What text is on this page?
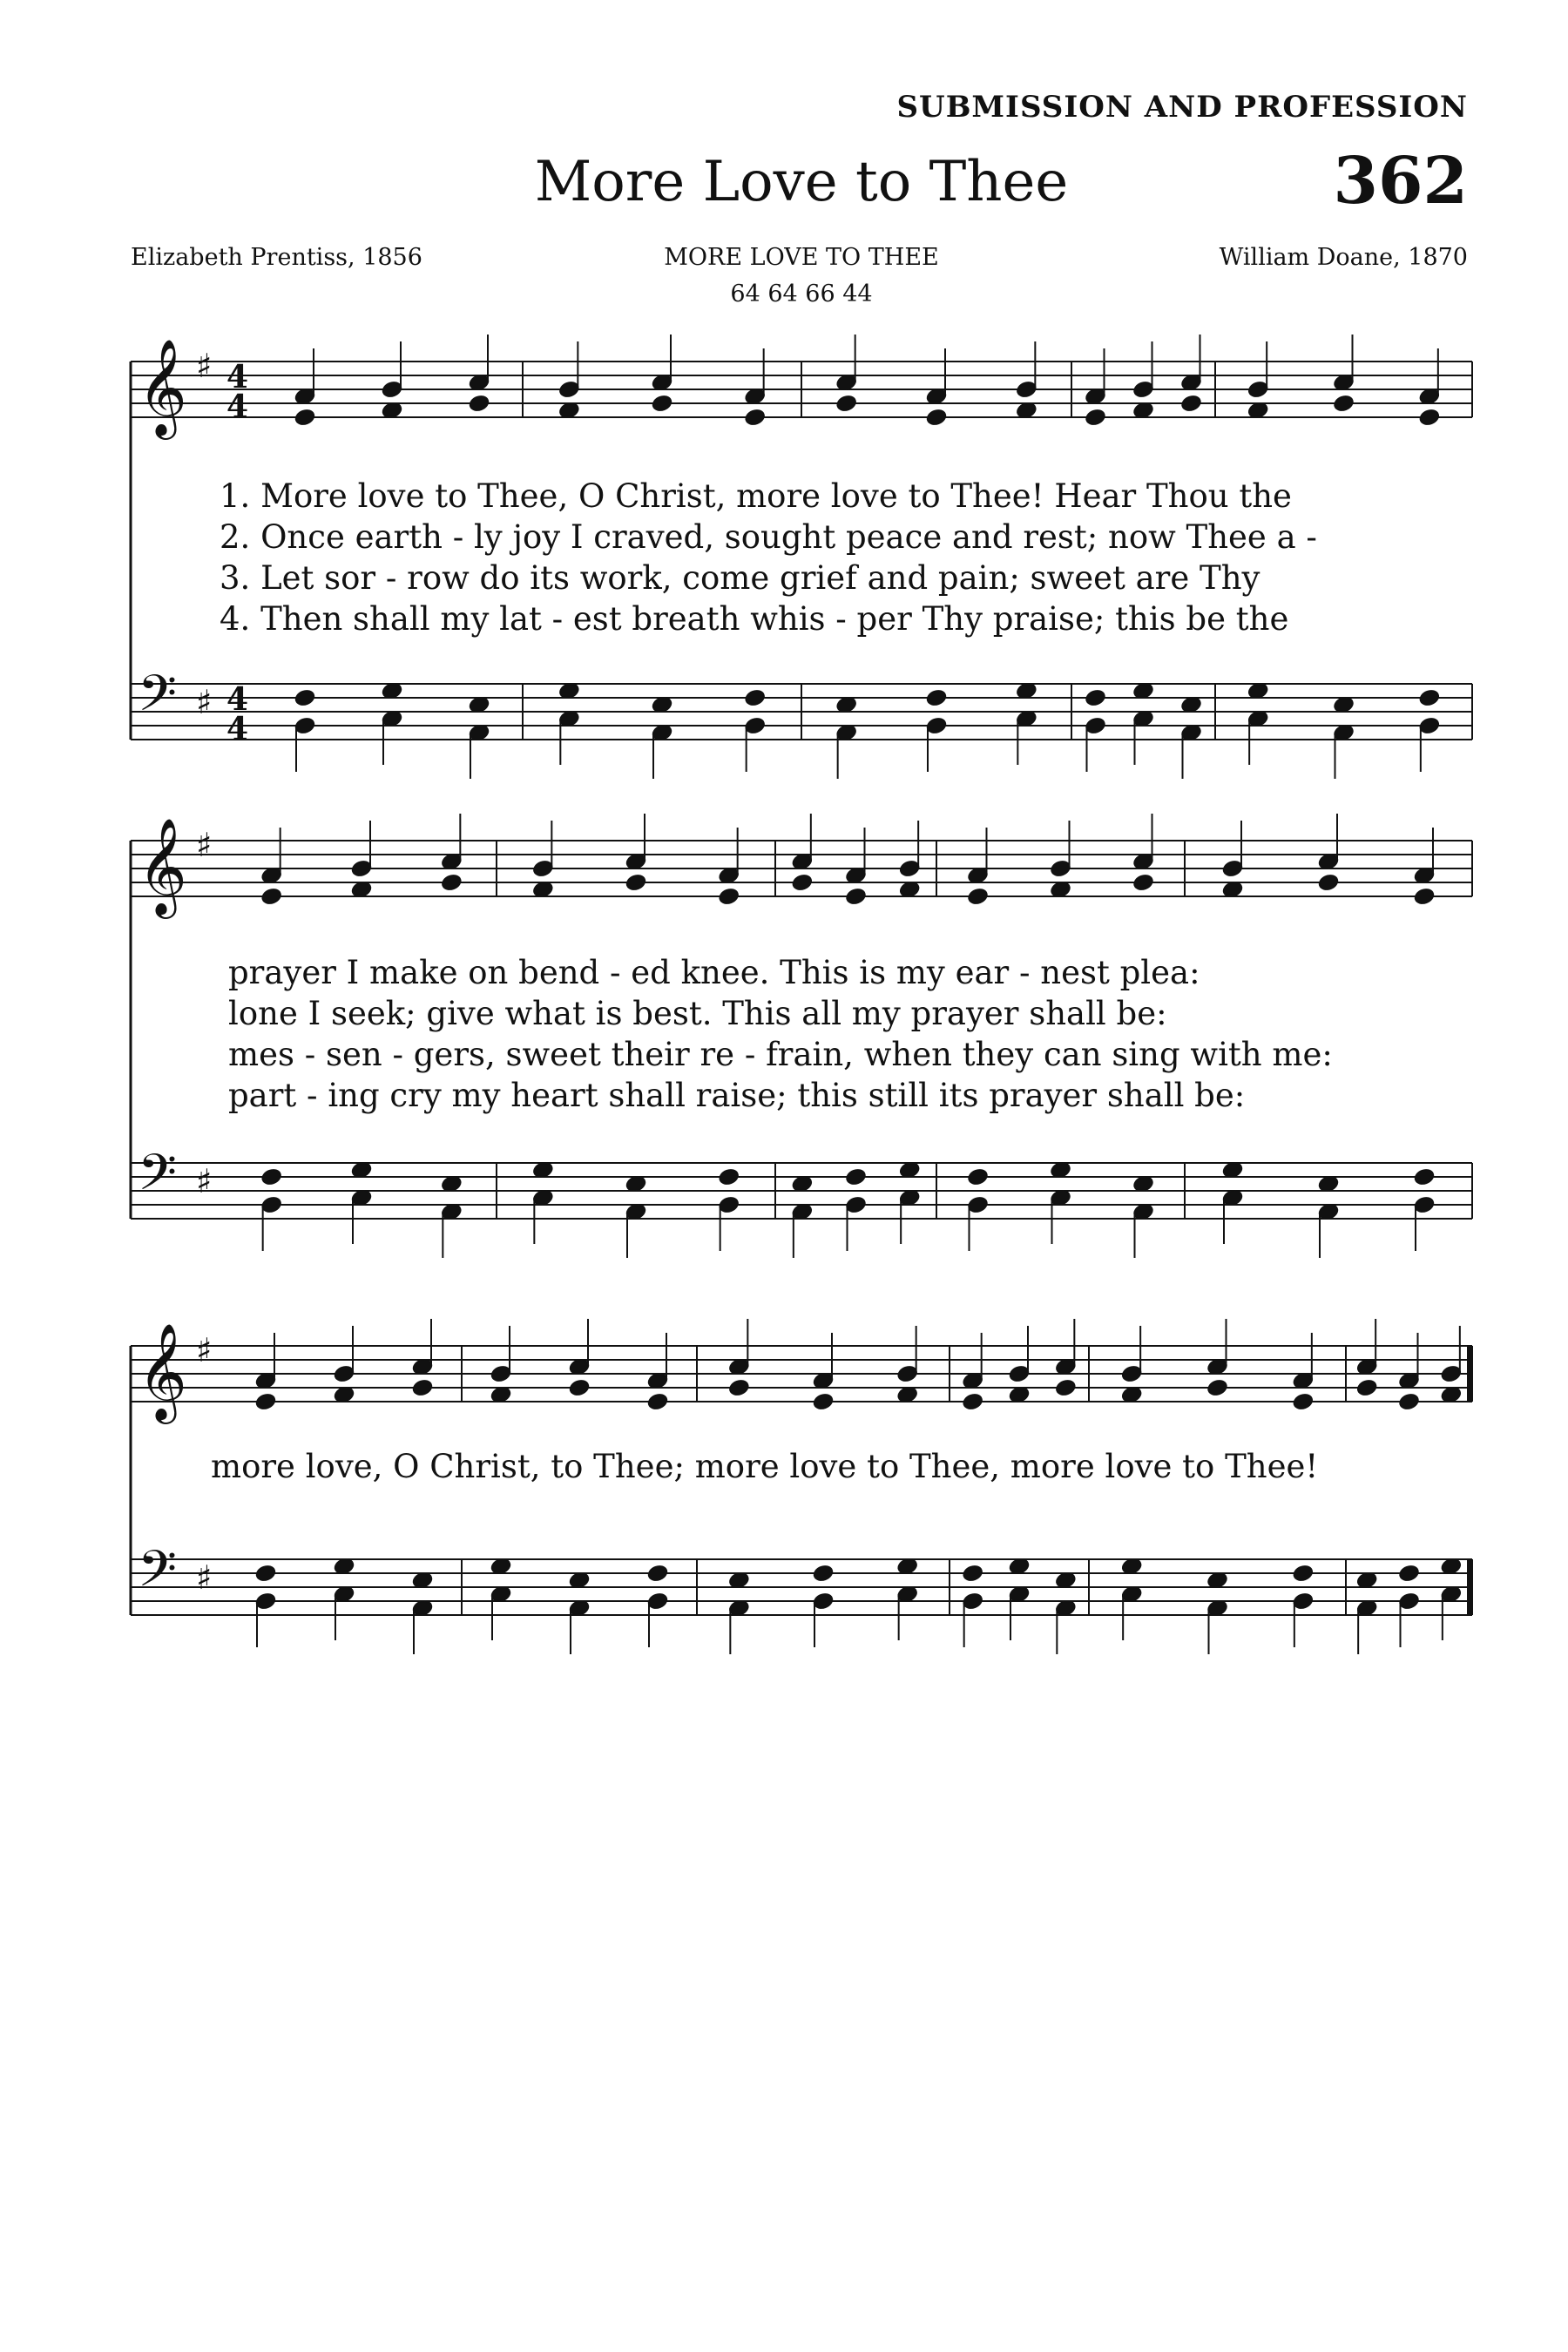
SUBMISSION AND PROFESSION
More Love to Thee	362
Elizabeth Prentiss, 1856	MORE LOVE TO THEE	William Doane, 1870
64 64 66 44
𝄞 ♯ 4
4
𝄢 ♯ 4
4
𝄞 ♯
𝄢 ♯
𝄞 ♯
𝄢 ♯
1. More love to Thee, O Christ, more love to Thee! Hear Thou the
2. Once earth - ly joy I craved, sought peace and rest; now Thee a -
3. Let sor - row do its work, come grief and pain; sweet are Thy
4. Then shall my lat - est breath whis - per Thy praise; this be the
prayer I make on bend - ed knee. This is my ear - nest plea:
lone I seek; give what is best. This all my prayer shall be:
mes - sen - gers, sweet their re - frain, when they can sing with me:
part - ing cry my heart shall raise; this still its prayer shall be:
more love, O Christ, to Thee; more love to Thee, more love to Thee!
